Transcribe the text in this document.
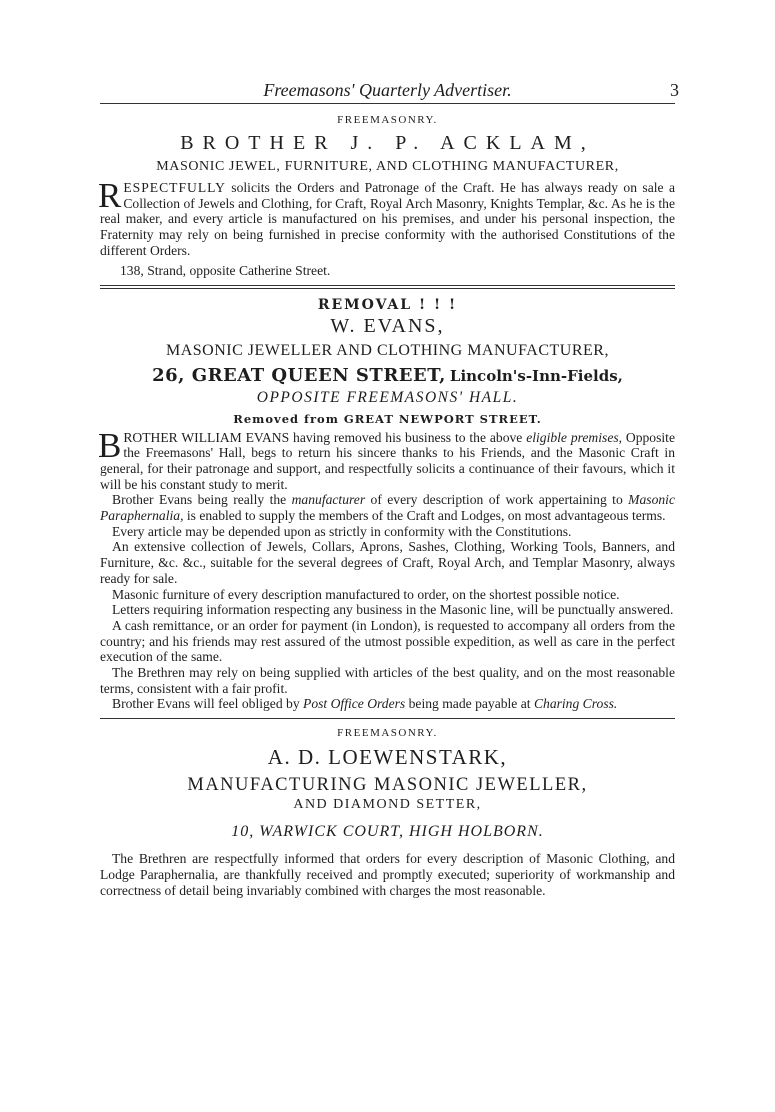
Freemasons' Quarterly Advertiser.	3
FREEMASONRY.
BROTHER J. P. ACKLAM,
MASONIC JEWEL, FURNITURE, AND CLOTHING MANUFACTURER,
RESPECTFULLY solicits the Orders and Patronage of the Craft. He has always ready on sale a Collection of Jewels and Clothing, for Craft, Royal Arch Masonry, Knights Templar, &c. As he is the real maker, and every article is manufactured on his premises, and under his personal inspection, the Fraternity may rely on being furnished in precise conformity with the authorised Constitutions of the different Orders.
138, Strand, opposite Catherine Street.
REMOVAL ! ! !
W. EVANS,
MASONIC JEWELLER AND CLOTHING MANUFACTURER,
26, GREAT QUEEN STREET, Lincoln's-Inn-Fields,
OPPOSITE FREEMASONS' HALL.
Removed from GREAT NEWPORT STREET.

BROTHER WILLIAM EVANS having removed his business to the above eligible premises, Opposite the Freemasons' Hall, begs to return his sincere thanks to his Friends, and the Masonic Craft in general, for their patronage and support, and respectfully solicits a continuance of their favours, which it will be his constant study to merit.

Brother Evans being really the manufacturer of every description of work appertaining to Masonic Paraphernalia, is enabled to supply the members of the Craft and Lodges, on most advantageous terms.

Every article may be depended upon as strictly in conformity with the Constitutions.

An extensive collection of Jewels, Collars, Aprons, Sashes, Clothing, Working Tools, Banners, and Furniture, &c. &c., suitable for the several degrees of Craft, Royal Arch, and Templar Masonry, always ready for sale.

Masonic furniture of every description manufactured to order, on the shortest possible notice.

Letters requiring information respecting any business in the Masonic line, will be punctually answered.

A cash remittance, or an order for payment (in London), is requested to accompany all orders from the country; and his friends may rest assured of the utmost possible expedition, as well as care in the perfect execution of the same.

The Brethren may rely on being supplied with articles of the best quality, and on the most reasonable terms, consistent with a fair profit.

Brother Evans will feel obliged by Post Office Orders being made payable at Charing Cross.

FREEMASONRY.
A. D. LOEWENSTARK,
MANUFACTURING MASONIC JEWELLER,
AND DIAMOND SETTER,
10, WARWICK COURT, HIGH HOLBORN.

The Brethren are respectfully informed that orders for every description of Masonic Clothing, and Lodge Paraphernalia, are thankfully received and promptly executed; superiority of workmanship and correctness of detail being invariably combined with charges the most reasonable.
